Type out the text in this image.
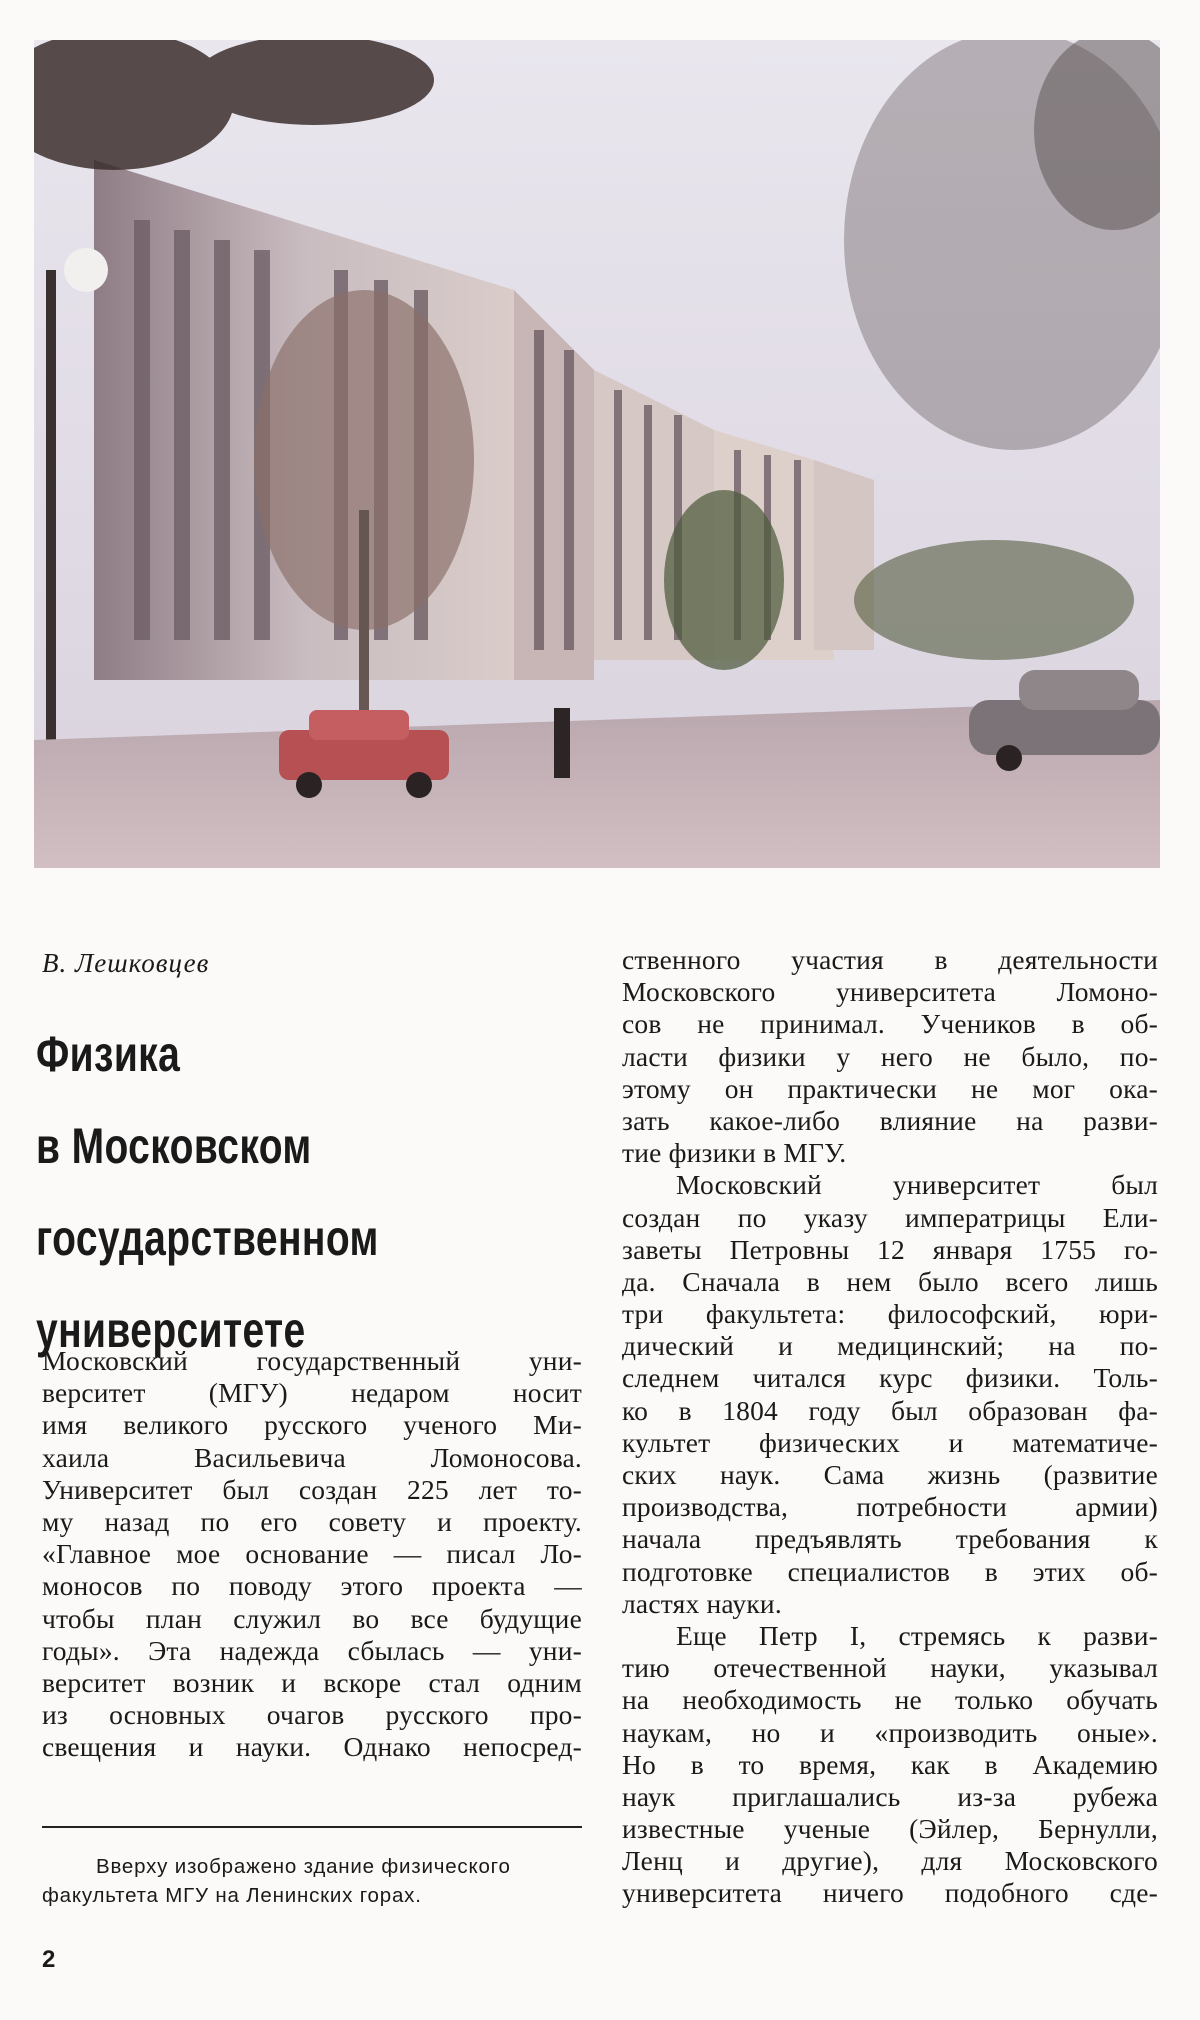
В. Лешковцев
Физика
в Московском
государственном
университете
Московский государственный уни-
верситет (МГУ) недаром носит
имя великого русского ученого Ми-
хаила Васильевича Ломоносова.
Университет был создан 225 лет то-
му назад по его совету и проекту.
«Главное мое основание — писал Ло-
моносов по поводу этого проекта —
чтобы план служил во все будущие
годы». Эта надежда сбылась — уни-
верситет возник и вскоре стал одним
из основных очагов русского про-
свещения и науки. Однако непосред-
ственного участия в деятельности
Московского университета Ломоно-
сов не принимал. Учеников в об-
ласти физики у него не было, по-
этому он практически не мог ока-
зать какое-либо влияние на разви-
тие физики в МГУ.
Московский университет был
создан по указу императрицы Ели-
заветы Петровны 12 января 1755 го-
да. Сначала в нем было всего лишь
три факультета: философский, юри-
дический и медицинский; на по-
следнем читался курс физики. Толь-
ко в 1804 году был образован фа-
культет физических и математиче-
ских наук. Сама жизнь (развитие
производства, потребности армии)
начала предъявлять требования к
подготовке специалистов в этих об-
ластях науки.
Еще Петр I, стремясь к разви-
тию отечественной науки, указывал
на необходимость не только обучать
наукам, но и «производить оные».
Но в то время, как в Академию
наук приглашались из-за рубежа
известные ученые (Эйлер, Бернулли,
Ленц и другие), для Московского
университета ничего подобного сде-
Вверху изображено здание физического
факультета МГУ на Ленинских горах.
2
